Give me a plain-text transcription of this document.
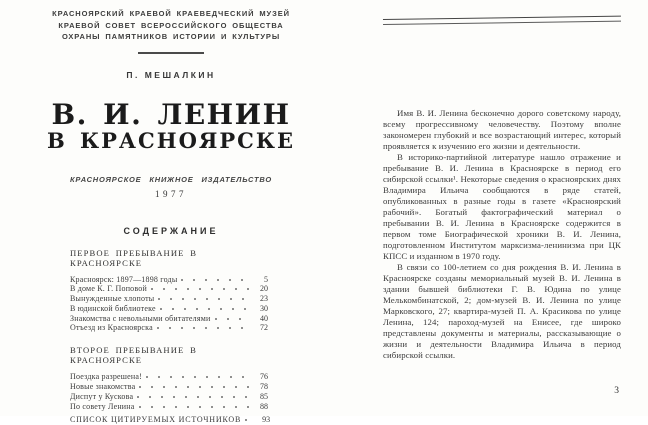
КРАСНОЯРСКИЙ КРАЕВОЙ КРАЕВЕДЧЕСКИЙ МУЗЕЙ
КРАЕВОЙ СОВЕТ ВСЕРОССИЙСКОГО ОБЩЕСТВА
ОХРАНЫ ПАМЯТНИКОВ ИСТОРИИ И КУЛЬТУРЫ
П. МЕШАЛКИН
В. И. ЛЕНИН
В КРАСНОЯРСКЕ
КРАСНОЯРСКОЕ КНИЖНОЕ ИЗДАТЕЛЬСТВО
1977
СОДЕРЖАНИЕ
ПЕРВОЕ ПРЕБЫВАНИЕ В КРАСНОЯРСКЕ
Красноярск: 1897—1898 годы	5
В доме К. Г. Поповой	20
Вынужденные хлопоты	23
В юдинской библиотеке	30
Знакомства с невольными обитателями	40
Отъезд из Красноярска	72
ВТОРОЕ ПРЕБЫВАНИЕ В КРАСНОЯРСКЕ
Поездка разрешена!	76
Новые знакомства	78
Диспут у Кускова	85
По совету Ленина	88
СПИСОК ЦИТИРУЕМЫХ ИСТОЧНИКОВ	93

Имя В. И. Ленина бесконечно дорого советскому народу, всему прогрессивному человечеству. Поэтому вполне закономерен глубокий и все возрастающий интерес, который проявляется к изучению его жизни и деятельности.

В историко-партийной литературе нашло отражение и пребывание В. И. Ленина в Красноярске в период его сибирской ссылки¹. Некоторые сведения о красноярских днях Владимира Ильича сообщаются в ряде статей, опубликованных в разные годы в газете «Красноярский рабочий». Богатый фактографический материал о пребывании В. И. Ленина в Красноярске содержится в первом томе Биографической хроники В. И. Ленина, подготовленном Институтом марксизма-ленинизма при ЦК КПСС и изданном в 1970 году.

В связи со 100-летием со дня рождения В. И. Ленина в Красноярске созданы мемориальный музей В. И. Ленина в здании бывшей библиотеки Г. В. Юдина по улице Мелькомбинатской, 2; дом-музей В. И. Ленина по улице Марковского, 27; квартира-музей П. А. Красикова по улице Ленина, 124; пароход-музей на Енисее, где широко представлены документы и материалы, рассказывающие о жизни и деятельности Владимира Ильича в период сибирской ссылки.

3
